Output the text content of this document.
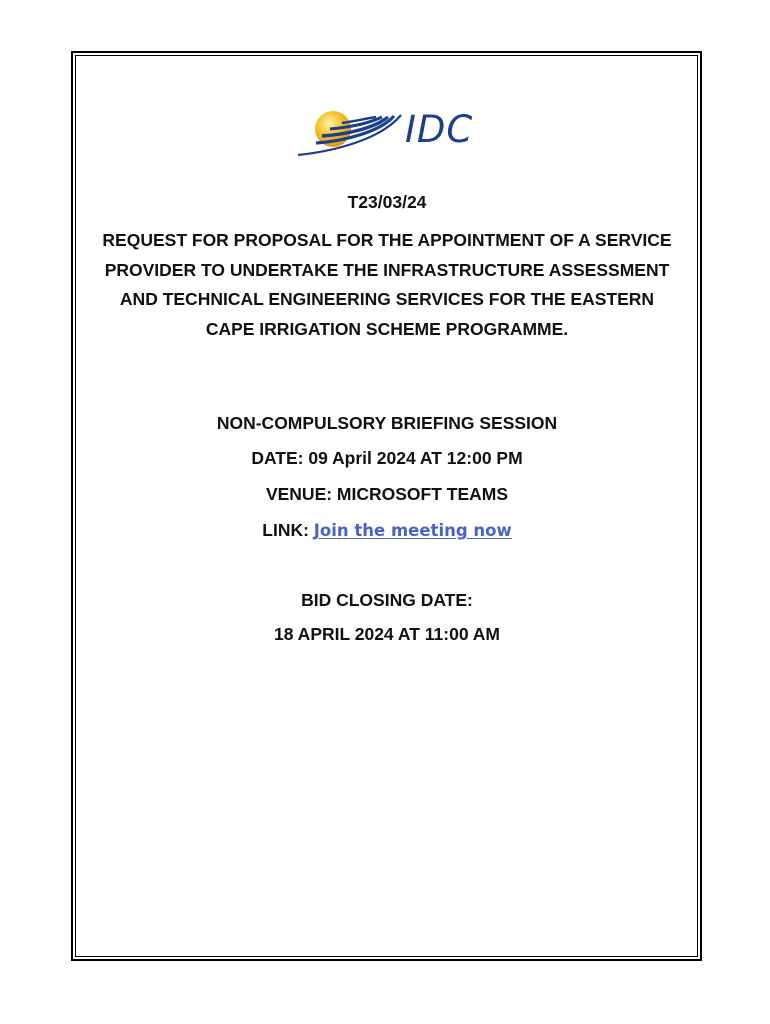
IDC
T23/03/24
REQUEST FOR PROPOSAL FOR THE APPOINTMENT OF A SERVICE PROVIDER TO UNDERTAKE THE INFRASTRUCTURE ASSESSMENT AND TECHNICAL ENGINEERING SERVICES FOR THE EASTERN CAPE IRRIGATION SCHEME PROGRAMME.
NON-COMPULSORY BRIEFING SESSION
DATE: 09 April 2024 AT 12:00 PM
VENUE: MICROSOFT TEAMS
LINK: Join the meeting now
BID CLOSING DATE:
18 APRIL 2024 AT 11:00 AM
